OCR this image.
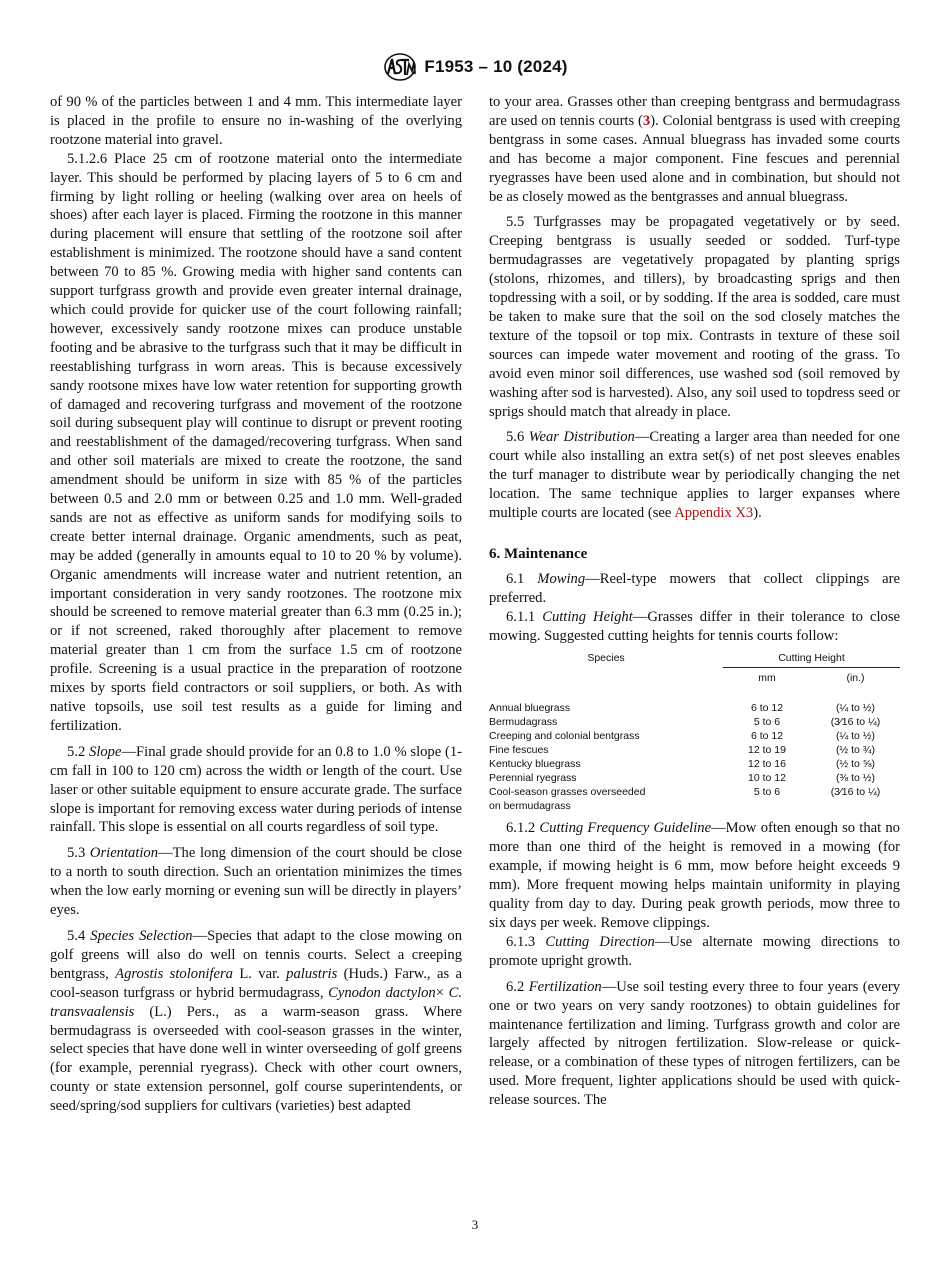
F1953 – 10 (2024)

of 90 % of the particles between 1 and 4 mm. This intermediate layer is placed in the profile to ensure no in-washing of the overlying rootzone material into gravel.

5.1.2.6 Place 25 cm of rootzone material onto the intermediate layer. This should be performed by placing layers of 5 to 6 cm and firming by light rolling or heeling (walking over area on heels of shoes) after each layer is placed. Firming the rootzone in this manner during placement will ensure that settling of the rootzone soil after establishment is minimized. The rootzone should have a sand content between 70 to 85 %. Growing media with higher sand contents can support turfgrass growth and provide even greater internal drainage, which could provide for quicker use of the court following rainfall; however, excessively sandy rootzone mixes can produce unstable footing and be abrasive to the turfgrass such that it may be difficult in reestablishing turfgrass in worn areas. This is because excessively sandy rootsone mixes have low water retention for supporting growth of damaged and recovering turfgrass and movement of the rootzone soil during subsequent play will continue to disrupt or prevent rooting and reestablishment of the damaged/recovering turfgrass. When sand and other soil materials are mixed to create the rootzone, the sand amendment should be uniform in size with 85 % of the particles between 0.5 and 2.0 mm or between 0.25 and 1.0 mm. Well-graded sands are not as effective as uniform sands for modifying soils to create better internal drainage. Organic amendments, such as peat, may be added (generally in amounts equal to 10 to 20 % by volume). Organic amendments will increase water and nutrient retention, an important consideration in very sandy rootzones. The rootzone mix should be screened to remove material greater than 6.3 mm (0.25 in.); or if not screened, raked thoroughly after placement to remove material greater than 1 cm from the surface 1.5 cm of rootzone profile. Screening is a usual practice in the preparation of rootzone mixes by sports field contractors or soil suppliers, or both. As with native topsoils, use soil test results as a guide for liming and fertilization.

5.2 Slope—Final grade should provide for an 0.8 to 1.0 % slope (1-cm fall in 100 to 120 cm) across the width or length of the court. Use laser or other suitable equipment to ensure accurate grade. The surface slope is important for removing excess water during periods of intense rainfall. This slope is essential on all courts regardless of soil type.

5.3 Orientation—The long dimension of the court should be close to a north to south direction. Such an orientation minimizes the times when the low early morning or evening sun will be directly in players’ eyes.

5.4 Species Selection—Species that adapt to the close mowing on golf greens will also do well on tennis courts. Select a creeping bentgrass, Agrostis stolonifera L. var. palustris (Huds.) Farw., as a cool-season turfgrass or hybrid bermudagrass, Cynodon dactylon× C. transvaalensis (L.) Pers., as a warm-season grass. Where bermudagrass is overseeded with cool-season grasses in the winter, select species that have done well in winter overseeding of golf greens (for example, perennial ryegrass). Check with other court owners, county or state extension personnel, golf course superintendents, or seed/spring/sod suppliers for cultivars (varieties) best adapted

to your area. Grasses other than creeping bentgrass and bermudagrass are used on tennis courts (3). Colonial bentgrass is used with creeping bentgrass in some cases. Annual bluegrass has invaded some courts and has become a major component. Fine fescues and perennial ryegrasses have been used alone and in combination, but should not be as closely mowed as the bentgrasses and annual bluegrass.

5.5 Turfgrasses may be propagated vegetatively or by seed. Creeping bentgrass is usually seeded or sodded. Turf-type bermudagrasses are vegetatively propagated by planting sprigs (stolons, rhizomes, and tillers), by broadcasting sprigs and then topdressing with a soil, or by sodding. If the area is sodded, care must be taken to make sure that the soil on the sod closely matches the texture of the topsoil or top mix. Contrasts in texture of these soil sources can impede water movement and rooting of the grass. To avoid even minor soil differences, use washed sod (soil removed by washing after sod is harvested). Also, any soil used to topdress seed or sprigs should match that already in place.

5.6 Wear Distribution—Creating a larger area than needed for one court while also installing an extra set(s) of net post sleeves enables the turf manager to distribute wear by periodically changing the net location. The same technique applies to larger expanses where multiple courts are located (see Appendix X3).

6. Maintenance

6.1 Mowing—Reel-type mowers that collect clippings are preferred.

6.1.1 Cutting Height—Grasses differ in their tolerance to close mowing. Suggested cutting heights for tennis courts follow:

Species	Cutting Height	
	mm	(in.)
Annual bluegrass	6 to 12	(¼ to ½)
Bermudagrass	5 to 6	(3⁄16 to ¼)
Creeping and colonial bentgrass	6 to 12	(¼ to ½)
Fine fescues	12 to 19	(½ to ¾)
Kentucky bluegrass	12 to 16	(½ to ⅝)
Perennial ryegrass	10 to 12	(⅜ to ½)
Cool-season grasses overseeded	5 to 6	(3⁄16 to ¼)
on bermudagrass		

6.1.2 Cutting Frequency Guideline—Mow often enough so that no more than one third of the height is removed in a mowing (for example, if mowing height is 6 mm, mow before height exceeds 9 mm). More frequent mowing helps maintain uniformity in playing quality from day to day. During peak growth periods, mow three to six days per week. Remove clippings.

6.1.3 Cutting Direction—Use alternate mowing directions to promote upright growth.

6.2 Fertilization—Use soil testing every three to four years (every one or two years on very sandy rootzones) to obtain guidelines for maintenance fertilization and liming. Turfgrass growth and color are largely affected by nitrogen fertilization. Slow-release or quick-release, or a combination of these types of nitrogen fertilizers, can be used. More frequent, lighter applications should be used with quick-release sources. The

3
